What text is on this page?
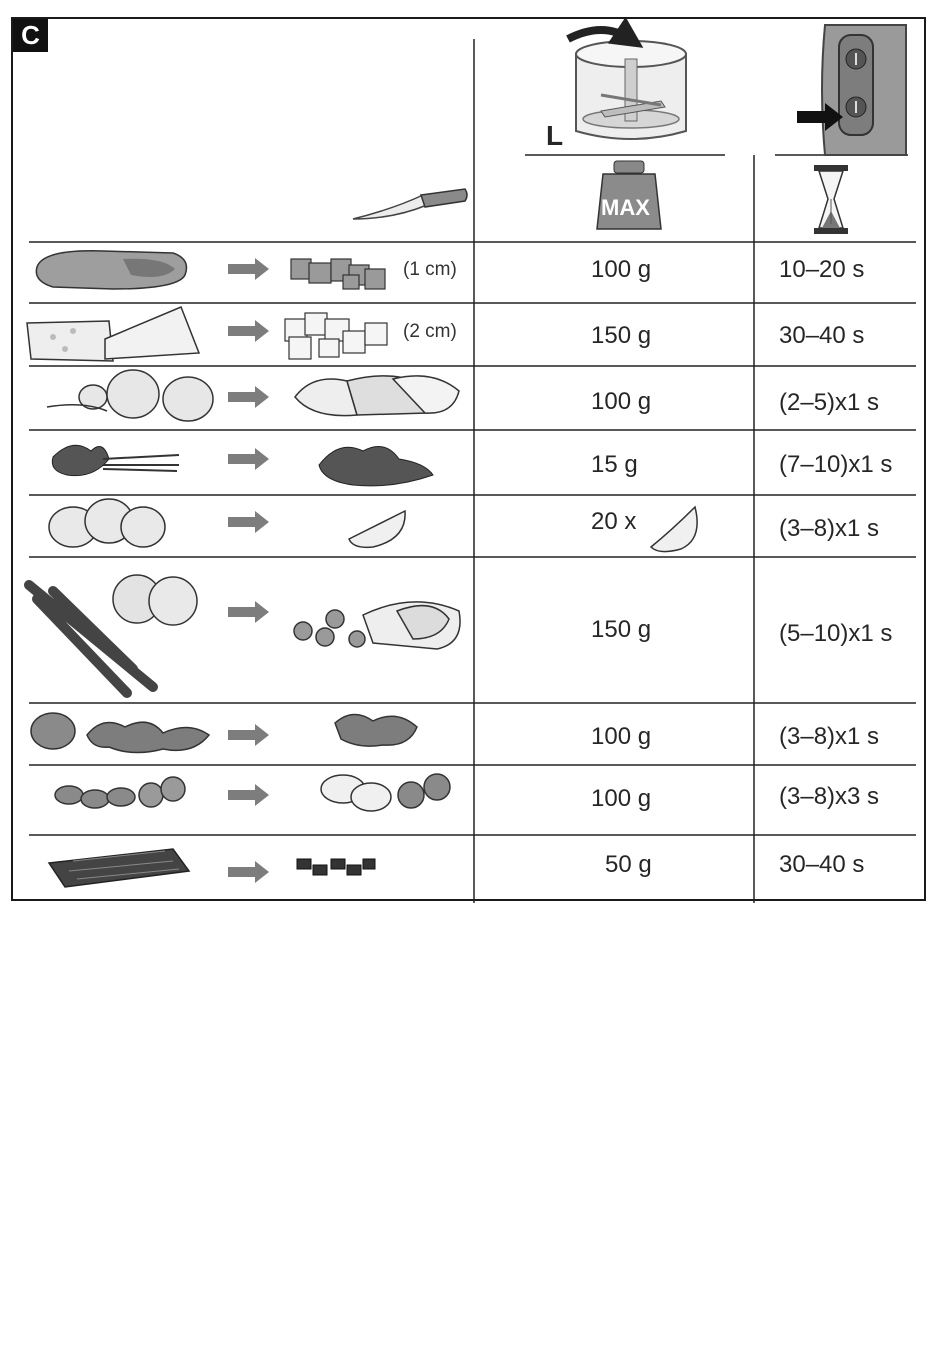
C
L
MAX
(1 cm)
(2 cm)
100 g
150 g
100 g
15 g
20 x
150 g
100 g
100 g
50 g
10–20 s
30–40 s
(2–5)x1 s
(7–10)x1 s
(3–8)x1 s
(5–10)x1 s
(3–8)x1 s
(3–8)x3 s
30–40 s
